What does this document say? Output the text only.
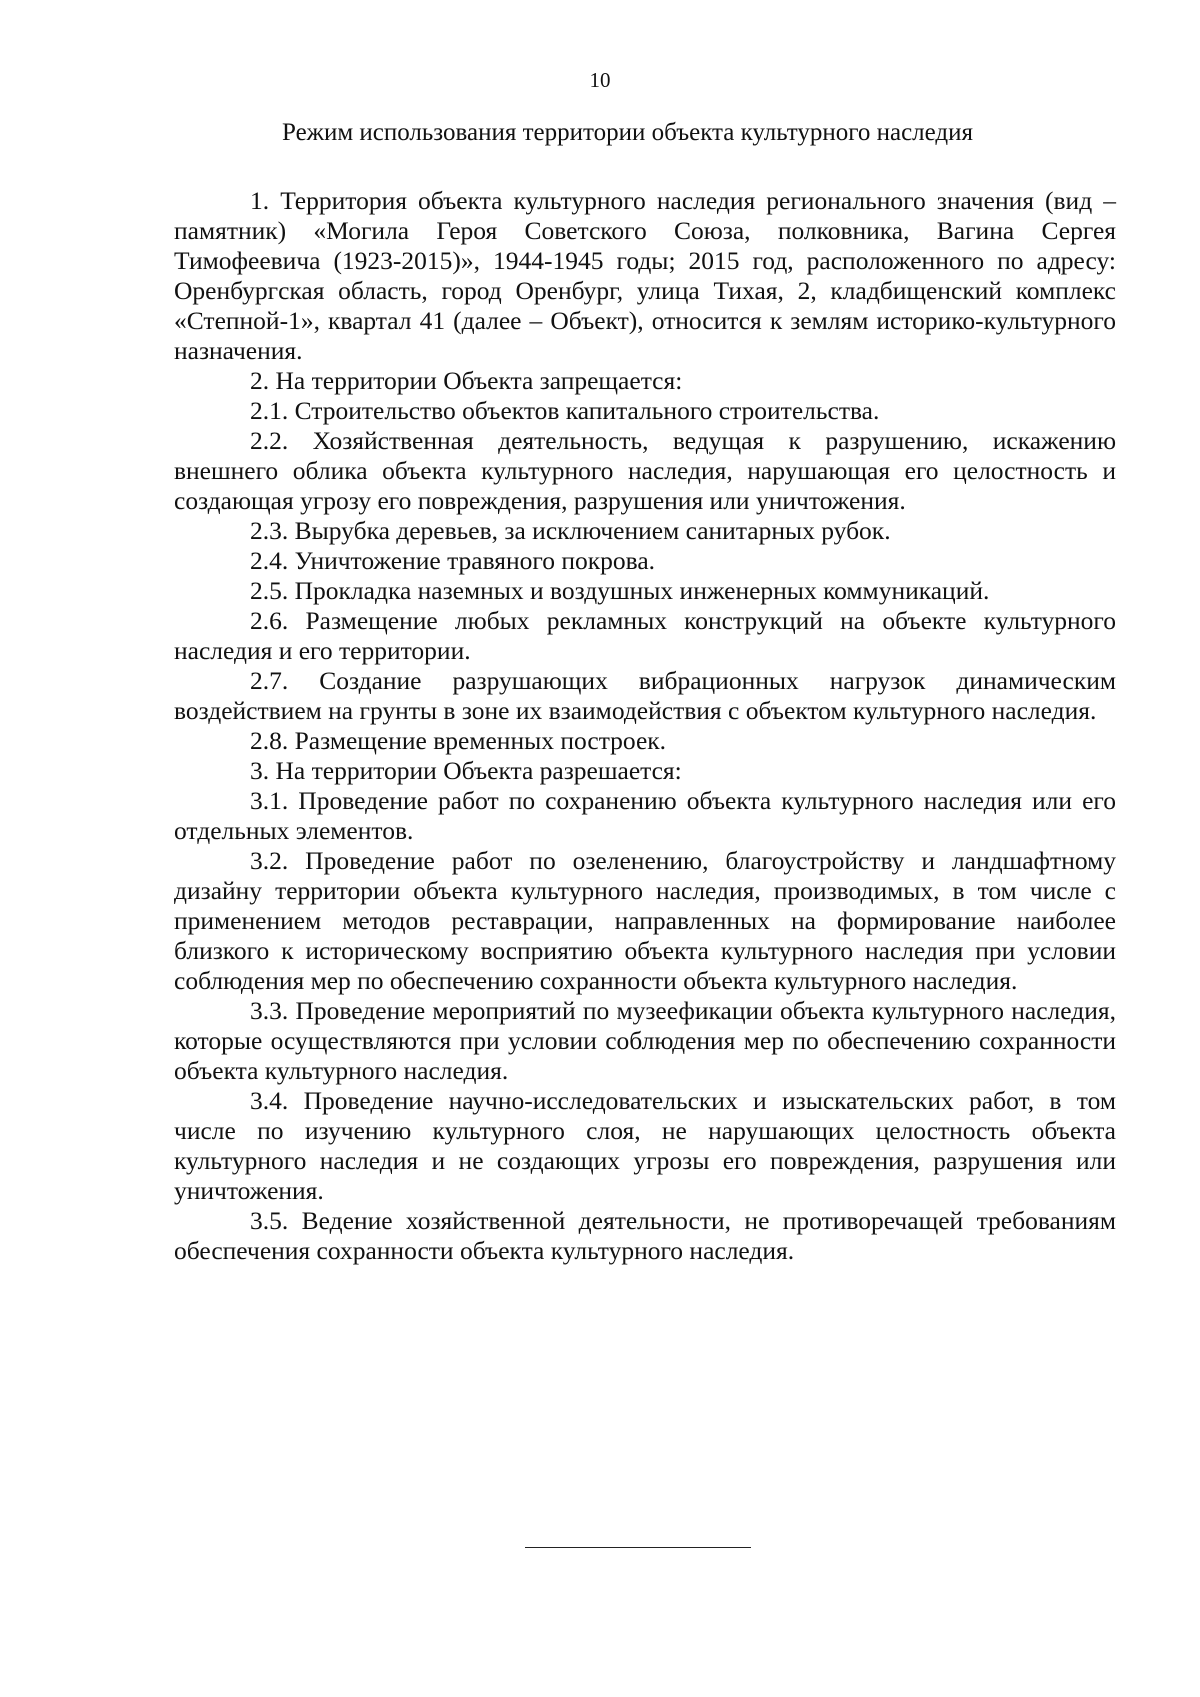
10
Режим использования территории объекта культурного наследия

1. Территория объекта культурного наследия регионального значения (вид – памятник) «Могила Героя Советского Союза, полковника, Вагина Сергея Тимофеевича (1923-2015)», 1944-1945 годы; 2015 год, расположенного по адресу: Оренбургская область, город Оренбург, улица Тихая, 2, кладбищенский комплекс «Степной-1», квартал 41 (далее – Объект), относится к землям историко-культурного назначения.

2. На территории Объекта запрещается:

2.1. Строительство объектов капитального строительства.

2.2. Хозяйственная деятельность, ведущая к разрушению, искажению внешнего облика объекта культурного наследия, нарушающая его целостность и создающая угрозу его повреждения, разрушения или уничтожения.

2.3. Вырубка деревьев, за исключением санитарных рубок.

2.4. Уничтожение травяного покрова.

2.5. Прокладка наземных и воздушных инженерных коммуникаций.

2.6. Размещение любых рекламных конструкций на объекте культурного наследия и его территории.

2.7. Создание разрушающих вибрационных нагрузок динамическим воздействием на грунты в зоне их взаимодействия с объектом культурного наследия.

2.8. Размещение временных построек.

3. На территории Объекта разрешается:

3.1. Проведение работ по сохранению объекта культурного наследия или его отдельных элементов.

3.2. Проведение работ по озеленению, благоустройству и ландшафтному дизайну территории объекта культурного наследия, производимых, в том числе с применением методов реставрации, направленных на формирование наиболее близкого к историческому восприятию объекта культурного наследия при условии соблюдения мер по обеспечению сохранности объекта культурного наследия.

3.3. Проведение мероприятий по музеефикации объекта культурного наследия, которые осуществляются при условии соблюдения мер по обеспечению сохранности объекта культурного наследия.

3.4. Проведение научно-исследовательских и изыскательских работ, в том числе по изучению культурного слоя, не нарушающих целостность объекта культурного наследия и не создающих угрозы его повреждения, разрушения или уничтожения.

3.5. Ведение хозяйственной деятельности, не противоречащей требованиям обеспечения сохранности объекта культурного наследия.
